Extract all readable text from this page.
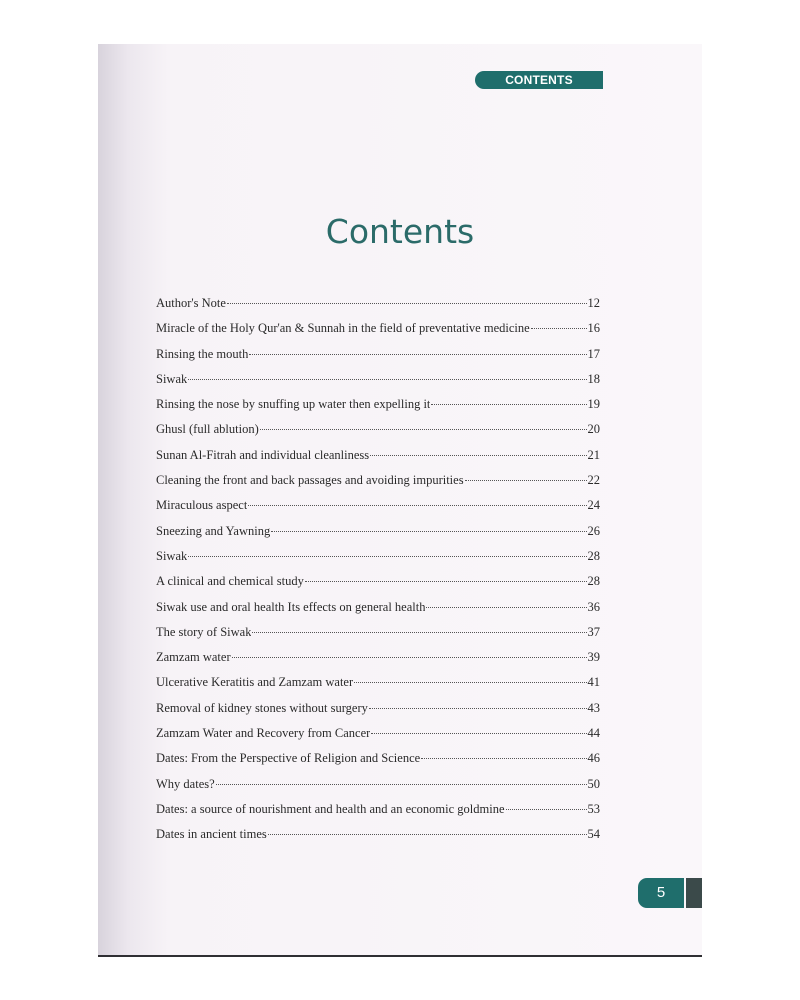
CONTENTS
Contents
Author's Note	12
Miracle of the Holy Qur'an & Sunnah in the field of preventative medicine	16
Rinsing the mouth	17
Siwak	18
Rinsing the nose by snuffing up water then expelling it	19
Ghusl (full ablution)	20
Sunan Al-Fitrah and individual cleanliness	21
Cleaning the front and back passages and avoiding impurities	22
Miraculous aspect	24
Sneezing and Yawning	26
Siwak	28
A clinical and chemical study	28
Siwak use and oral health Its effects on general health	36
The story of Siwak	37
Zamzam water	39
Ulcerative Keratitis and Zamzam water	41
Removal of kidney stones without surgery	43
Zamzam Water and Recovery from Cancer	44
Dates: From the Perspective of Religion and Science	46
Why dates?	50
Dates: a source of nourishment and health and an economic goldmine	53
Dates in ancient times	54
5
